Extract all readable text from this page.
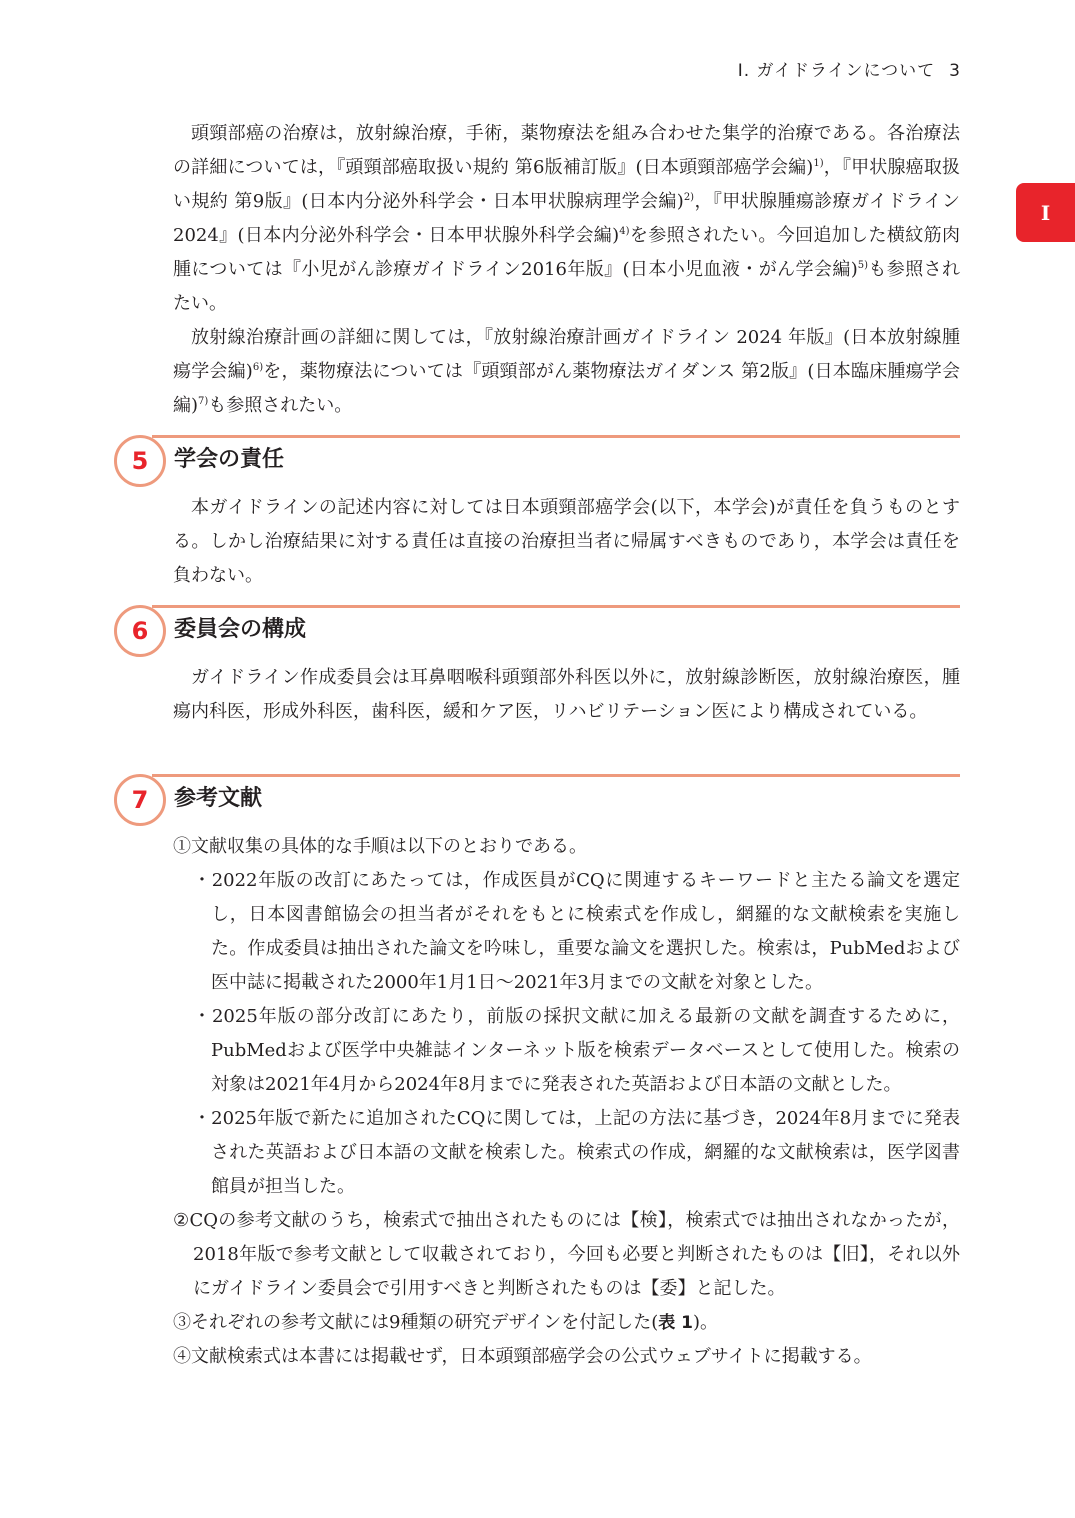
Ⅰ. ガイドラインについて 3
Ⅰ

頭頸部癌の治療は，放射線治療，手術，薬物療法を組み合わせた集学的治療である。各治療法の詳細については，『頭頸部癌取扱い規約 第6版補訂版』(日本頭頸部癌学会編)$^{1)}$，『甲状腺癌取扱い規約 第9版』(日本内分泌外科学会・日本甲状腺病理学会編)$^{2)}$，『甲状腺腫瘍診療ガイドライン 2024』(日本内分泌外科学会・日本甲状腺外科学会編)$^{4)}$を参照されたい。今回追加した横紋筋肉腫については『小児がん診療ガイドライン2016年版』(日本小児血液・がん学会編)$^{5)}$も参照されたい。

放射線治療計画の詳細に関しては，『放射線治療計画ガイドライン 2024 年版』(日本放射線腫瘍学会編)$^{6)}$を，薬物療法については『頭頸部がん薬物療法ガイダンス 第2版』(日本臨床腫瘍学会編)$^{7)}$も参照されたい。

5	学会の責任

本ガイドラインの記述内容に対しては日本頭頸部癌学会(以下，本学会)が責任を負うものとする。しかし治療結果に対する責任は直接の治療担当者に帰属すべきものであり，本学会は責任を負わない。

6	委員会の構成

ガイドライン作成委員会は耳鼻咽喉科頭頸部外科医以外に，放射線診断医，放射線治療医，腫瘍内科医，形成外科医，歯科医，緩和ケア医，リハビリテーション医により構成されている。

7	参考文献

①文献収集の具体的な手順は以下のとおりである。

・2022年版の改訂にあたっては，作成医員がCQに関連するキーワードと主たる論文を選定し，日本図書館協会の担当者がそれをもとに検索式を作成し，網羅的な文献検索を実施した。作成委員は抽出された論文を吟味し，重要な論文を選択した。検索は，PubMedおよび医中誌に掲載された2000年1月1日〜2021年3月までの文献を対象とした。

・2025年版の部分改訂にあたり，前版の採択文献に加える最新の文献を調査するために，PubMedおよび医学中央雑誌インターネット版を検索データベースとして使用した。検索の対象は2021年4月から2024年8月までに発表された英語および日本語の文献とした。

・2025年版で新たに追加されたCQに関しては，上記の方法に基づき，2024年8月までに発表された英語および日本語の文献を検索した。検索式の作成，網羅的な文献検索は，医学図書館員が担当した。

②CQの参考文献のうち，検索式で抽出されたものには【検】，検索式では抽出されなかったが，2018年版で参考文献として収載されており，今回も必要と判断されたものは【旧】，それ以外にガイドライン委員会で引用すべきと判断されたものは【委】と記した。

③それぞれの参考文献には9種類の研究デザインを付記した(表 1)。

④文献検索式は本書には掲載せず，日本頭頸部癌学会の公式ウェブサイトに掲載する。
